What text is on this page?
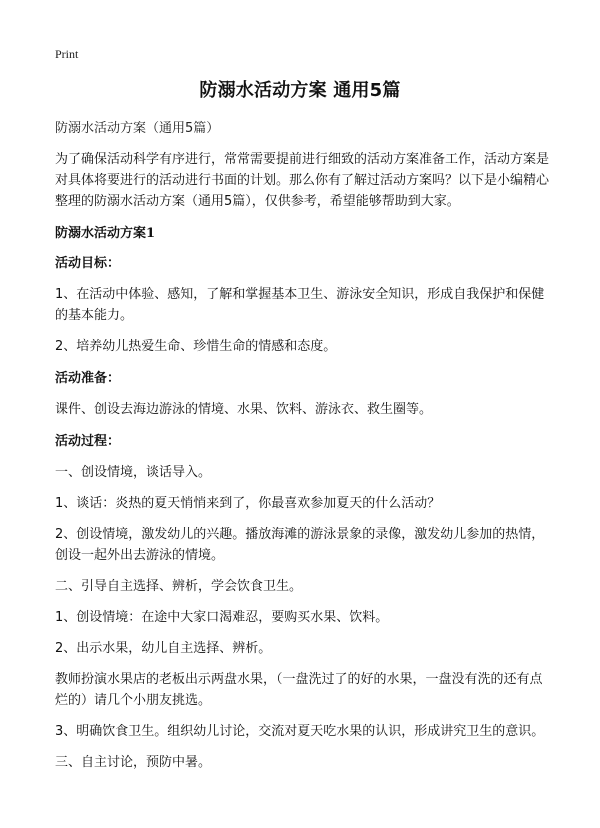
Print
防溺水活动方案 通用5篇
防溺水活动方案（通用5篇）

为了确保活动科学有序进行，常常需要提前进行细致的活动方案准备工作，活动方案是对具体将要进行的活动进行书面的计划。那么你有了解过活动方案吗？以下是小编精心整理的防溺水活动方案（通用5篇），仅供参考，希望能够帮助到大家。

防溺水活动方案1
活动目标：

1、在活动中体验、感知，了解和掌握基本卫生、游泳安全知识，形成自我保护和保健的基本能力。

2、培养幼儿热爱生命、珍惜生命的情感和态度。

活动准备：

课件、创设去海边游泳的情境、水果、饮料、游泳衣、救生圈等。

活动过程：

一、创设情境，谈话导入。

1、谈话：炎热的夏天悄悄来到了，你最喜欢参加夏天的什么活动？

2、创设情境，激发幼儿的兴趣。播放海滩的游泳景象的录像，激发幼儿参加的热情，创设一起外出去游泳的情境。

二、引导自主选择、辨析，学会饮食卫生。

1、创设情境：在途中大家口渴难忍，要购买水果、饮料。

2、出示水果，幼儿自主选择、辨析。

教师扮演水果店的老板出示两盘水果，（一盘洗过了的好的水果，一盘没有洗的还有点烂的）请几个小朋友挑选。

3、明确饮食卫生。组织幼儿讨论，交流对夏天吃水果的认识，形成讲究卫生的意识。

三、自主讨论，预防中暑。
